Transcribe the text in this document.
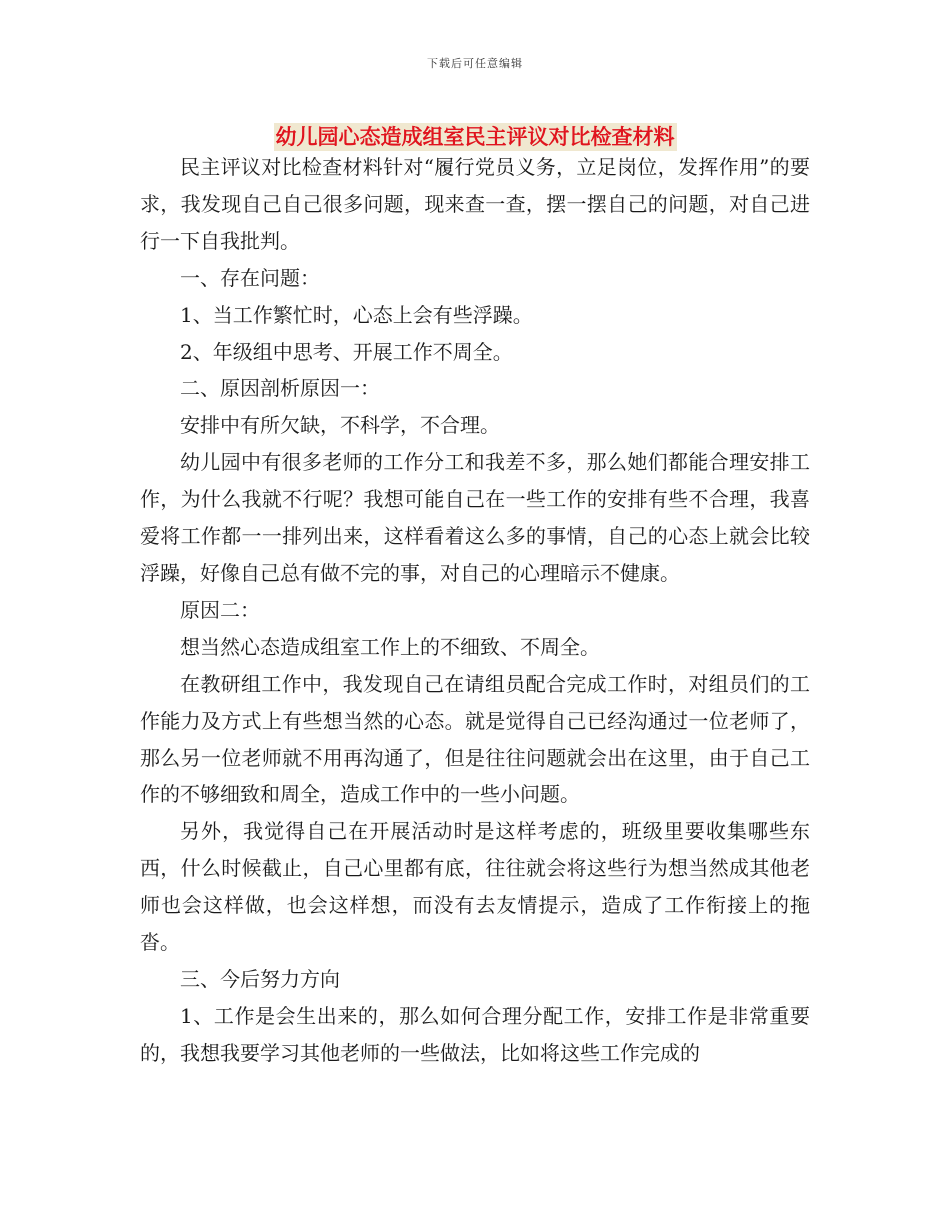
下载后可任意编辑
幼儿园心态造成组室民主评议对比检查材料

民主评议对比检查材料针对“履行党员义务，立足岗位，发挥作用”的要求，我发现自己自己很多问题，现来查一查，摆一摆自己的问题，对自己进行一下自我批判。

一、存在问题：

1、当工作繁忙时，心态上会有些浮躁。

2、年级组中思考、开展工作不周全。

二、原因剖析原因一：

安排中有所欠缺，不科学，不合理。

幼儿园中有很多老师的工作分工和我差不多，那么她们都能合理安排工作，为什么我就不行呢？我想可能自己在一些工作的安排有些不合理，我喜爱将工作都一一排列出来，这样看着这么多的事情，自己的心态上就会比较浮躁，好像自己总有做不完的事，对自己的心理暗示不健康。

原因二：

想当然心态造成组室工作上的不细致、不周全。

在教研组工作中，我发现自己在请组员配合完成工作时，对组员们的工作能力及方式上有些想当然的心态。就是觉得自己已经沟通过一位老师了，那么另一位老师就不用再沟通了，但是往往问题就会出在这里，由于自己工作的不够细致和周全，造成工作中的一些小问题。

另外，我觉得自己在开展活动时是这样考虑的，班级里要收集哪些东西，什么时候截止，自己心里都有底，往往就会将这些行为想当然成其他老师也会这样做，也会这样想，而没有去友情提示，造成了工作衔接上的拖沓。

三、今后努力方向

1、工作是会生出来的，那么如何合理分配工作，安排工作是非常重要的，我想我要学习其他老师的一些做法，比如将这些工作完成的
